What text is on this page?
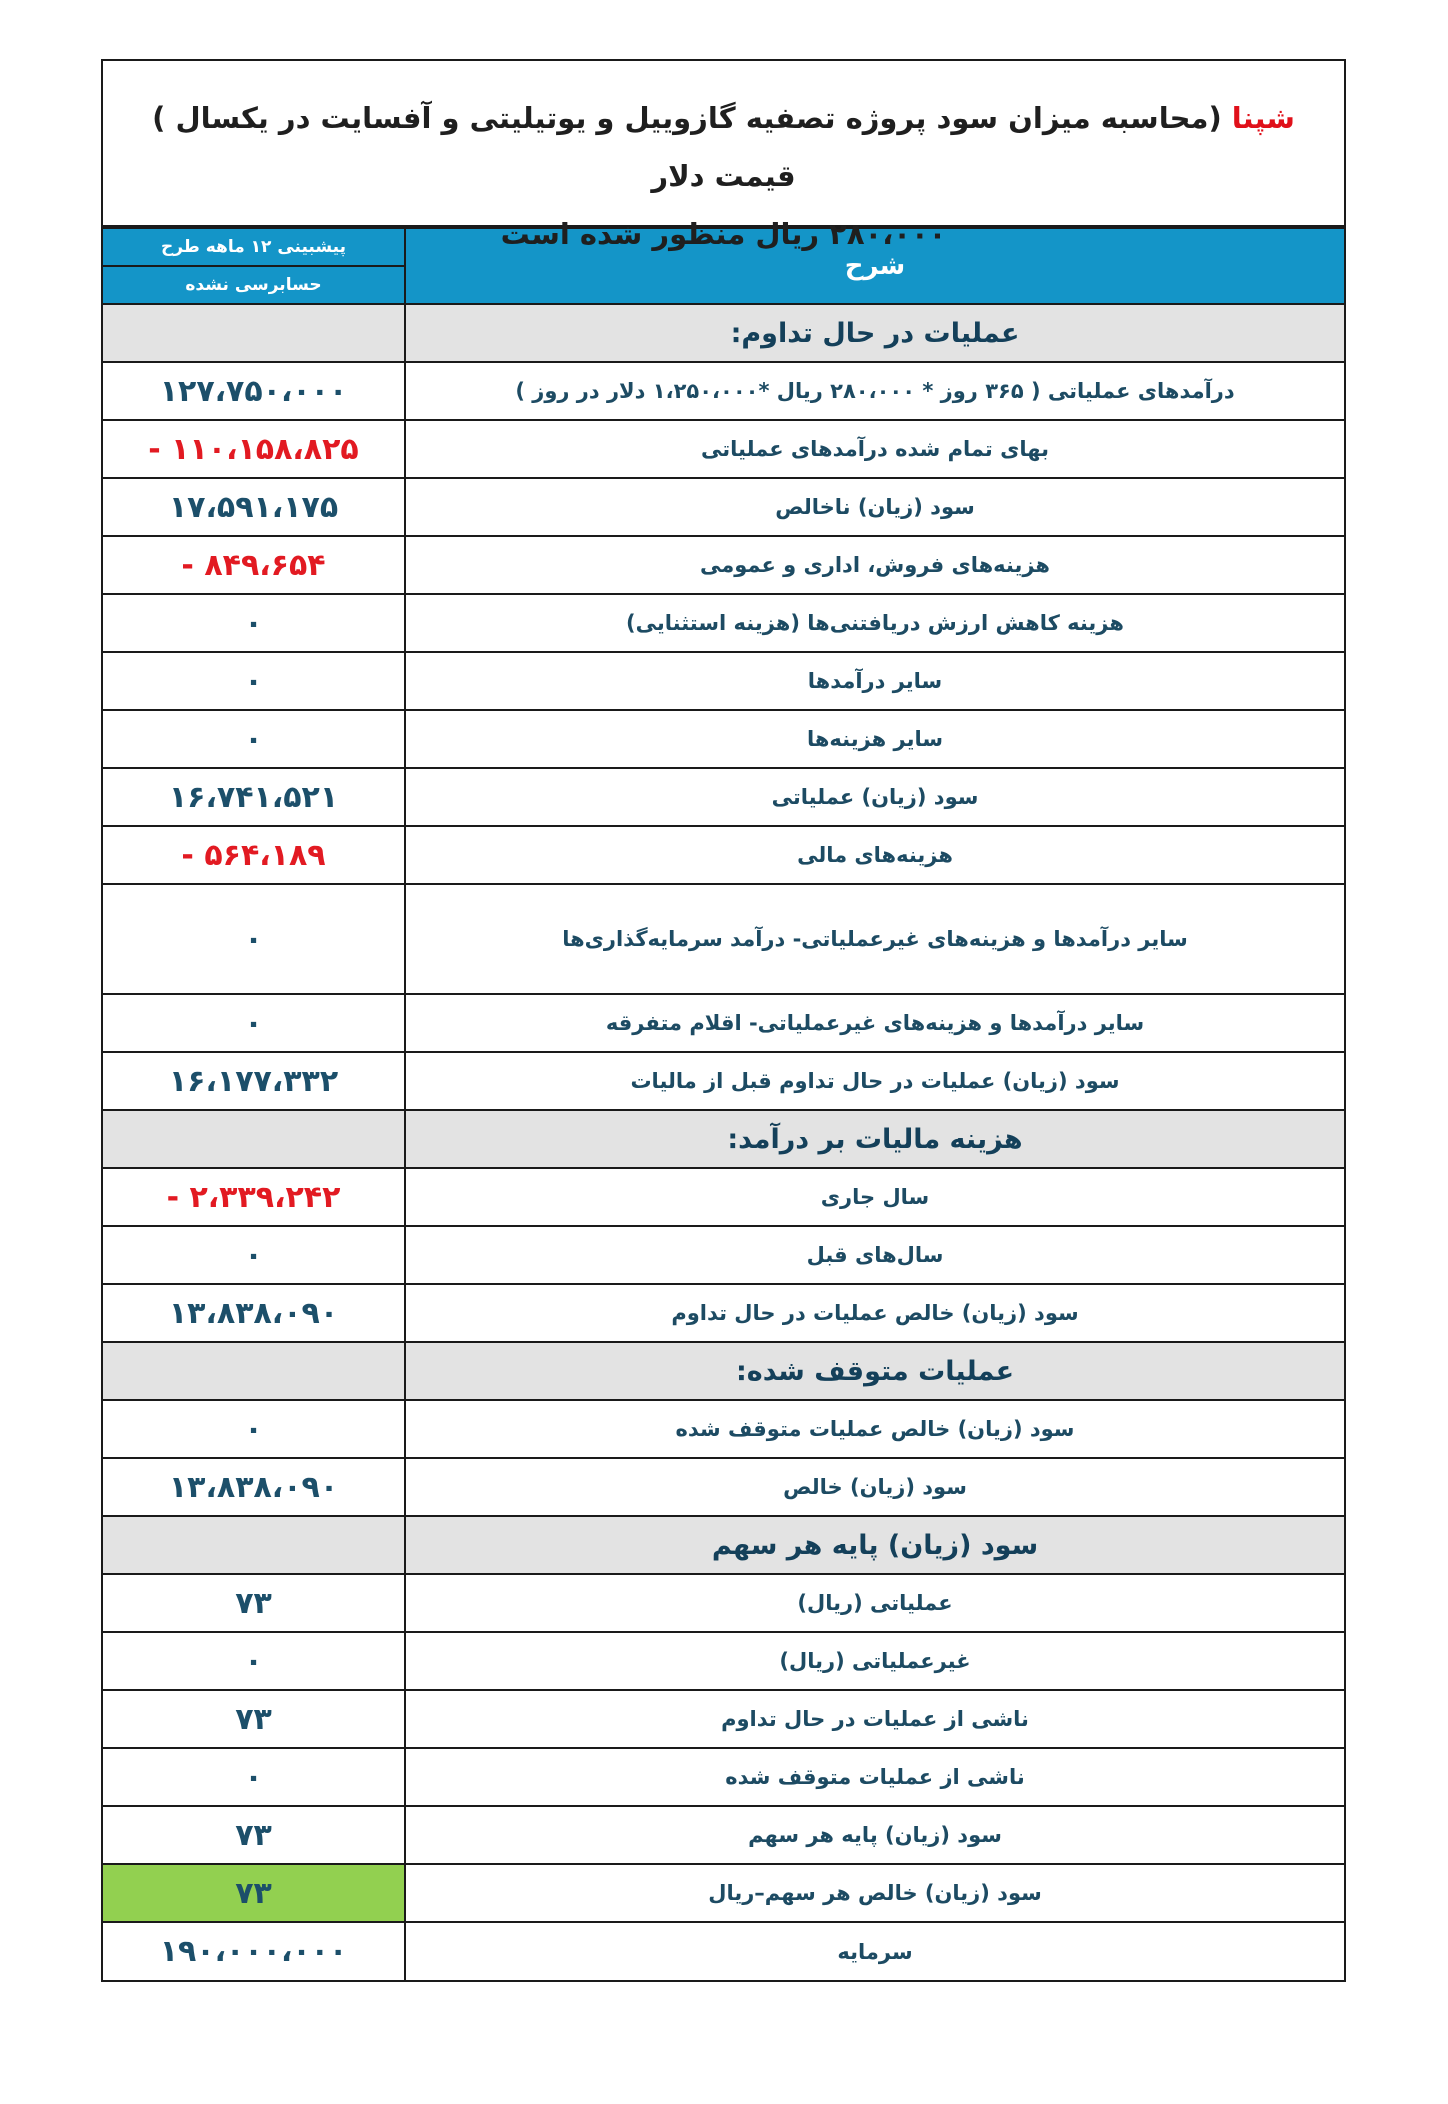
شپنا (محاسبه میزان سود پروژه تصفیه گازوییل و یوتیلیتی و آفسایت در یکسال ) قیمت دلار
۲۸۰،۰۰۰ ریال منظور شده است
پیشبینی ۱۲ ماهه طرح	شرح
حسابرسی نشده	
	عملیات در حال تداوم:
۱۲۷،۷۵۰،۰۰۰	درآمدهای عملیاتی ( ۳۶۵ روز * ۲۸۰،۰۰۰ ریال *۱،۲۵۰،۰۰۰ دلار در روز )
- ۱۱۰،۱۵۸،۸۲۵	بهای تمام شده درآمدهای عملیاتی
۱۷،۵۹۱،۱۷۵	سود (زیان) ناخالص
- ۸۴۹،۶۵۴	هزینه‌های فروش، اداری و عمومی
۰	هزینه کاهش ارزش دریافتنی‌ها (هزینه استثنایی)
۰	سایر درآمدها
۰	سایر هزینه‌ها
۱۶،۷۴۱،۵۲۱	سود (زیان) عملیاتی
- ۵۶۴،۱۸۹	هزینه‌های مالی
۰	سایر درآمدها و هزینه‌های غیرعملیاتی- درآمد سرمایه‌گذاری‌ها
۰	سایر درآمدها و هزینه‌های غیرعملیاتی- اقلام متفرقه
۱۶،۱۷۷،۳۳۲	سود (زیان) عملیات در حال تداوم قبل از مالیات
	هزینه مالیات بر درآمد:
- ۲،۳۳۹،۲۴۲	سال جاری
۰	سال‌های قبل
۱۳،۸۳۸،۰۹۰	سود (زیان) خالص عملیات در حال تداوم
	عملیات متوقف شده:
۰	سود (زیان) خالص عملیات متوقف شده
۱۳،۸۳۸،۰۹۰	سود (زیان) خالص
	سود (زیان) پایه هر سهم
۷۳	عملیاتی (ریال)
۰	غیرعملیاتی (ریال)
۷۳	ناشی از عملیات در حال تداوم
۰	ناشی از عملیات متوقف شده
۷۳	سود (زیان) پایه هر سهم
۷۳	سود (زیان) خالص هر سهم–ریال
۱۹۰،۰۰۰،۰۰۰	سرمایه
